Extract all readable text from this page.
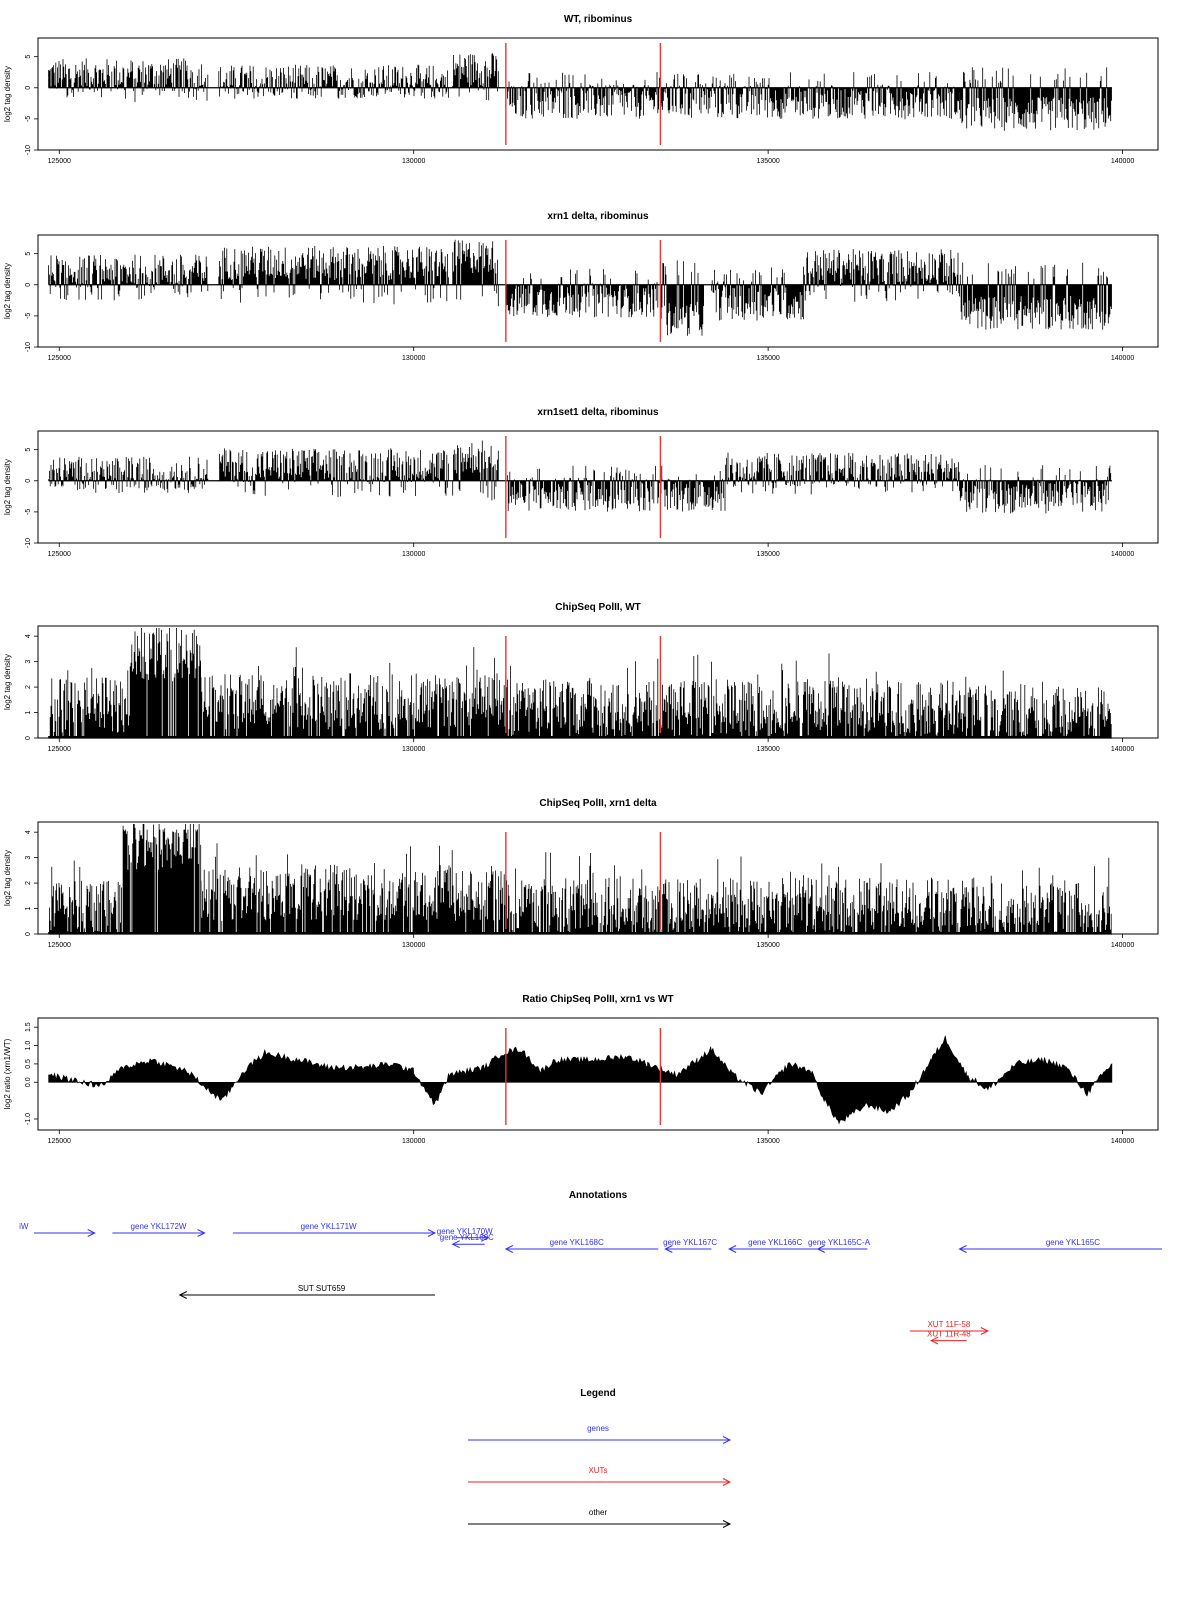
WT, ribominus
125000	130000	135000	140000
-10
-5
0
5
log2 tag density
xrn1 delta, ribominus
125000	130000	135000	140000
-10
-5
0
5
log2 tag density
xrn1set1 delta, ribominus
125000	130000	135000	140000
-10
-5
0
5
log2 tag density
ChipSeq PolII, WT
125000	130000	135000	140000
0
1
2
3
4
log2 tag density
ChipSeq PolII, xrn1 delta
125000	130000	135000	140000
0
1
2
3
4
log2 tag density
Ratio ChipSeq PolII, xrn1 vs WT
125000	130000	135000	140000
-1.0
0.0
0.5
1.0
1.5
log2 ratio (xrn1/WT)
Annotations
iW	gene YKL172W	gene YKL171W
gene YKL170W
gene YKL169C
gene YKL168C	gene YKL167C	gene YKL166C gene YKL165C-A	gene YKL165C
SUT SUT659
XUT 11F-58
XUT 11R-48
Legend
genes
XUTs
other
